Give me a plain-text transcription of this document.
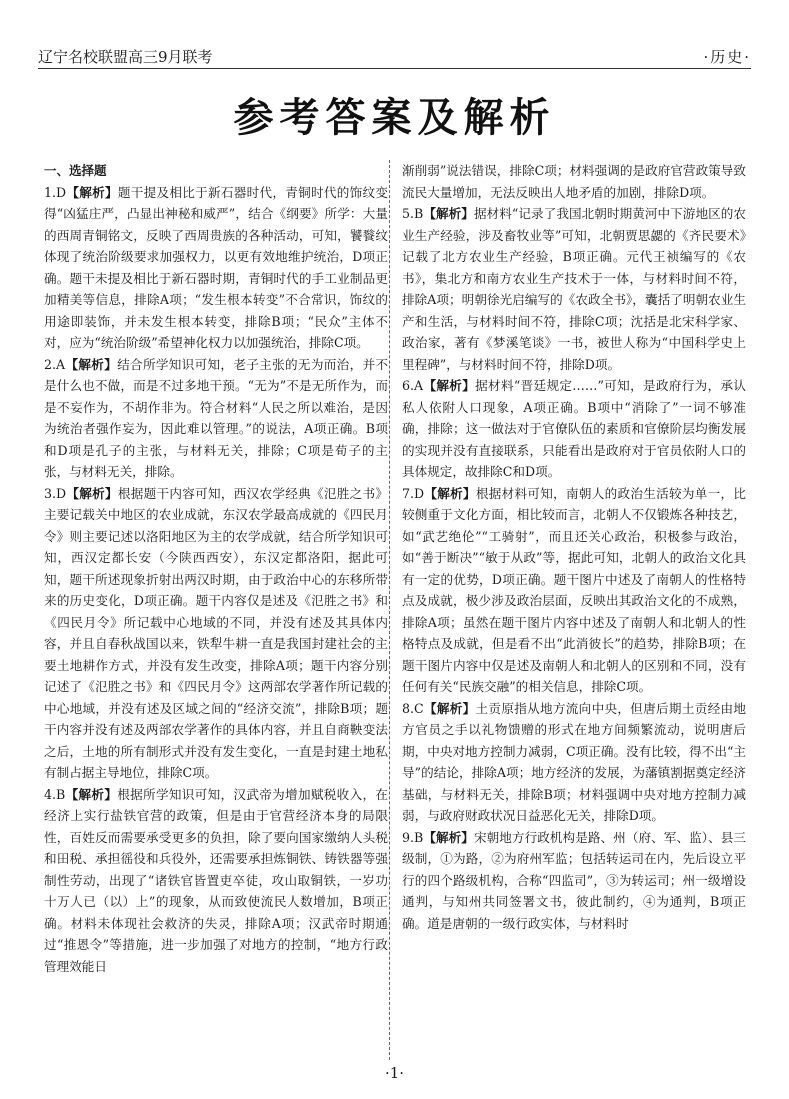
辽宁名校联盟高三9月联考	·历史·
参考答案及解析
一、选择题
1.D【解析】题干提及相比于新石器时代，青铜时代的饰纹变得“凶猛庄严，凸显出神秘和威严”，结合《纲要》所学：大量的西周青铜铭文，反映了西周贵族的各种活动，可知，饕餮纹体现了统治阶级要求加强权力，以更有效地维护统治，D项正确。题干未提及相比于新石器时期，青铜时代的手工业制品更加精美等信息，排除A项；“发生根本转变”不合常识，饰纹的用途即装饰，并未发生根本转变，排除B项；“民众”主体不对，应为“统治阶级”希望神化权力以加强统治，排除C项。
2.A【解析】结合所学知识可知，老子主张的无为而治，并不是什么也不做，而是不过多地干预。“无为”不是无所作为，而是不妄作为，不胡作非为。符合材料“人民之所以难治，是因为统治者强作妄为，因此难以管理。”的说法，A项正确。B项和D项是孔子的主张，与材料无关，排除；C项是荀子的主张，与材料无关，排除。
3.D【解析】根据题干内容可知，西汉农学经典《氾胜之书》主要记载关中地区的农业成就，东汉农学最高成就的《四民月令》则主要记述以洛阳地区为主的农学成就，结合所学知识可知，西汉定都长安（今陕西西安），东汉定都洛阳，据此可知，题干所述现象折射出两汉时期，由于政治中心的东移所带来的历史变化，D项正确。题干内容仅是述及《氾胜之书》和《四民月令》所记载中心地域的不同，并没有述及其具体内容，并且自春秋战国以来，铁犁牛耕一直是我国封建社会的主要土地耕作方式，并没有发生改变，排除A项；题干内容分别记述了《氾胜之书》和《四民月令》这两部农学著作所记载的中心地域，并没有述及区域之间的“经济交流”，排除B项；题干内容并没有述及两部农学著作的具体内容，并且自商鞅变法之后，土地的所有制形式并没有发生变化，一直是封建土地私有制占据主导地位，排除C项。
4.B【解析】根据所学知识可知，汉武帝为增加赋税收入，在经济上实行盐铁官营的政策，但是由于官营经济本身的局限性，百姓反而需要承受更多的负担，除了要向国家缴纳人头税和田税、承担徭役和兵役外，还需要承担炼铜铁、铸铁器等强制性劳动，出现了“诸铁官皆置吏卒徒，攻山取铜铁，一岁功十万人已（以）上”的现象，从而致使流民人数增加，B项正确。材料未体现社会救济的失灵，排除A项；汉武帝时期通过“推恩令”等措施，进一步加强了对地方的控制，“地方行政管理效能日
渐削弱”说法错误，排除C项；材料强调的是政府官营政策导致流民大量增加，无法反映出人地矛盾的加剧，排除D项。
5.B【解析】据材料“记录了我国北朝时期黄河中下游地区的农业生产经验，涉及畜牧业等”可知，北朝贾思勰的《齐民要术》记载了北方农业生产经验，B项正确。元代王祯编写的《农书》，集北方和南方农业生产技术于一体，与材料时间不符，排除A项；明朝徐光启编写的《农政全书》，囊括了明朝农业生产和生活，与材料时间不符，排除C项；沈括是北宋科学家、政治家，著有《梦溪笔谈》一书，被世人称为“中国科学史上里程碑”，与材料时间不符，排除D项。
6.A【解析】据材料“晋廷规定……”可知，是政府行为，承认私人依附人口现象，A项正确。B项中“消除了”一词不够准确，排除；这一做法对于官僚队伍的素质和官僚阶层均衡发展的实现并没有直接联系，只能看出是政府对于官员依附人口的具体规定，故排除C和D项。
7.D【解析】根据材料可知，南朝人的政治生活较为单一，比较侧重于文化方面，相比较而言，北朝人不仅锻炼各种技艺，如“武艺绝伦”“工骑射”，而且还关心政治，积极参与政治，如“善于断决”“敏于从政”等，据此可知，北朝人的政治文化具有一定的优势，D项正确。题干图片中述及了南朝人的性格特点及成就，极少涉及政治层面，反映出其政治文化的不成熟，排除A项；虽然在题干图片内容中述及了南朝人和北朝人的性格特点及成就，但是看不出“此消彼长”的趋势，排除B项；在题干图片内容中仅是述及南朝人和北朝人的区别和不同，没有任何有关“民族交融”的相关信息，排除C项。
8.C【解析】土贡原指从地方流向中央，但唐后期土贡经由地方官员之手以礼物馈赠的形式在地方间频繁流动，说明唐后期，中央对地方控制力减弱，C项正确。没有比较，得不出“主导”的结论，排除A项；地方经济的发展，为藩镇割据奠定经济基础，与材料无关，排除B项；材料强调中央对地方控制力减弱，与政府财政状况日益恶化无关，排除D项。
9.B【解析】宋朝地方行政机构是路、州（府、军、监）、县三级制，①为路，②为府州军监；包括转运司在内，先后设立平行的四个路级机构，合称“四监司”，③为转运司；州一级增设通判，与知州共同签署文书，彼此制约，④为通判，B项正确。道是唐朝的一级行政实体，与材料时
·1·
